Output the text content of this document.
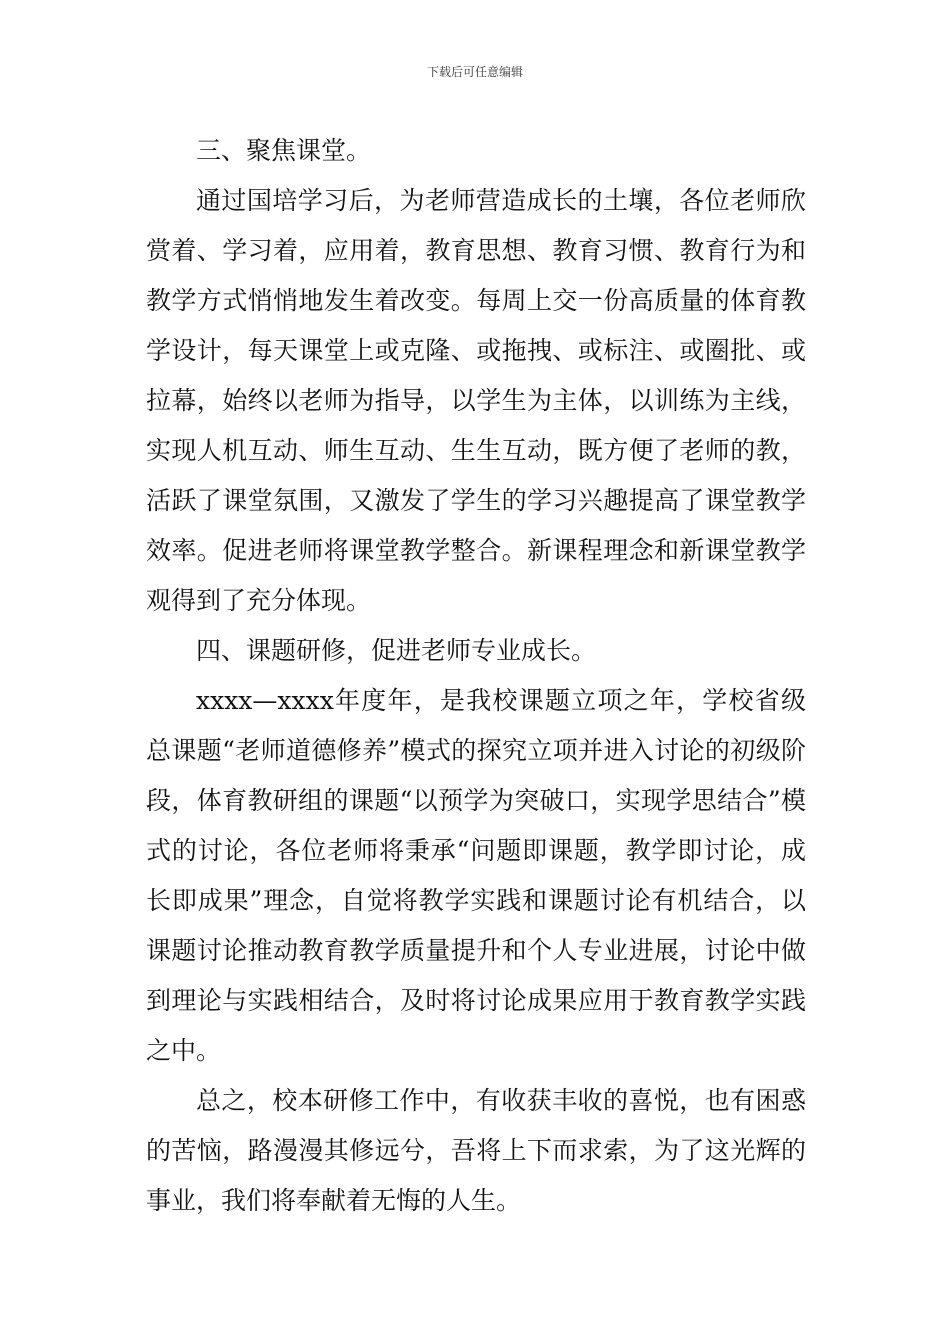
下载后可任意编辑

三、聚焦课堂。

通过国培学习后，为老师营造成长的土壤，各位老师欣赏着、学习着，应用着，教育思想、教育习惯、教育行为和教学方式悄悄地发生着改变。每周上交一份高质量的体育教学设计，每天课堂上或克隆、或拖拽、或标注、或圈批、或拉幕，始终以老师为指导，以学生为主体，以训练为主线，实现人机互动、师生互动、生生互动，既方便了老师的教，活跃了课堂氛围，又激发了学生的学习兴趣提高了课堂教学效率。促进老师将课堂教学整合。新课程理念和新课堂教学观得到了充分体现。

四、课题研修，促进老师专业成长。

xxxx—xxxx年度年，是我校课题立项之年，学校省级总课题“老师道德修养”模式的探究立项并进入讨论的初级阶段，体育教研组的课题“以预学为突破口，实现学思结合”模式的讨论，各位老师将秉承“问题即课题，教学即讨论，成长即成果”理念，自觉将教学实践和课题讨论有机结合，以课题讨论推动教育教学质量提升和个人专业进展，讨论中做到理论与实践相结合，及时将讨论成果应用于教育教学实践之中。

总之，校本研修工作中，有收获丰收的喜悦，也有困惑的苦恼，路漫漫其修远兮，吾将上下而求索，为了这光辉的事业，我们将奉献着无悔的人生。
